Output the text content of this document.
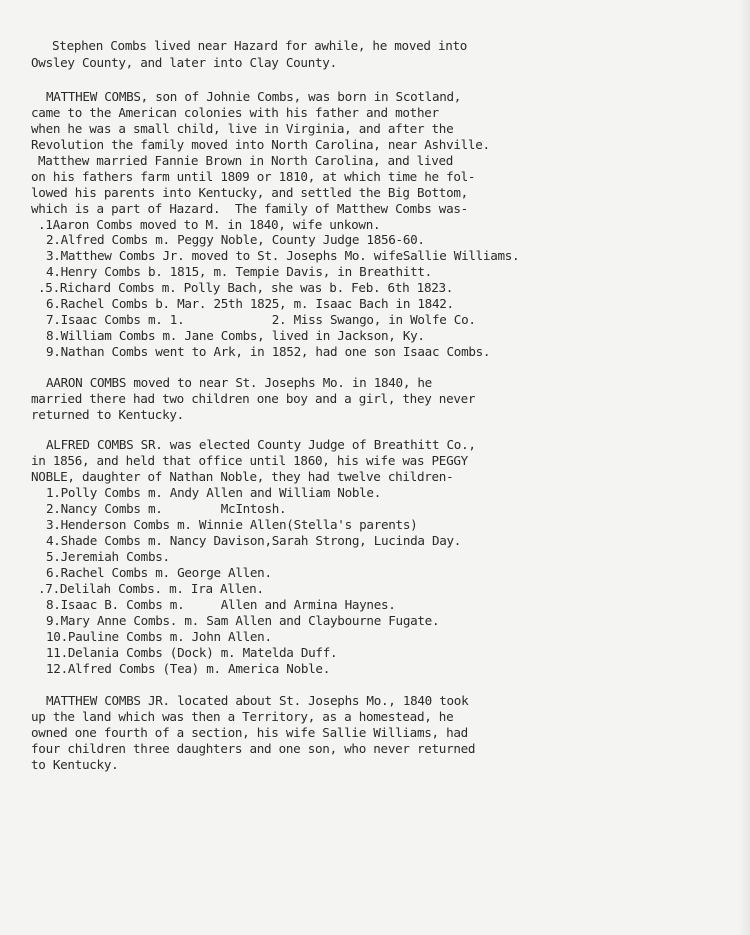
Stephen Combs lived near Hazard for awhile, he moved into
Owsley County, and later into Clay County.
MATTHEW COMBS, son of Johnie Combs, was born in Scotland,
came to the American colonies with his father and mother
when he was a small child, live in Virginia, and after the
Revolution the family moved into North Carolina, near Ashville.
Matthew married Fannie Brown in North Carolina, and lived
on his fathers farm until 1809 or 1810, at which time he fol-
lowed his parents into Kentucky, and settled the Big Bottom,
which is a part of Hazard.  The family of Matthew Combs was-
.1Aaron Combs moved to M. in 1840, wife unkown.
2.Alfred Combs m. Peggy Noble, County Judge 1856-60.
3.Matthew Combs Jr. moved to St. Josephs Mo. wifeSallie Williams.
4.Henry Combs b. 1815, m. Tempie Davis, in Breathitt.
.5.Richard Combs m. Polly Bach, she was b. Feb. 6th 1823.
6.Rachel Combs b. Mar. 25th 1825, m. Isaac Bach in 1842.
7.Isaac Combs m. 1.            2. Miss Swango, in Wolfe Co.
8.William Combs m. Jane Combs, lived in Jackson, Ky.
9.Nathan Combs went to Ark, in 1852, had one son Isaac Combs.
AARON COMBS moved to near St. Josephs Mo. in 1840, he
married there had two children one boy and a girl, they never
returned to Kentucky.
ALFRED COMBS SR. was elected County Judge of Breathitt Co.,
in 1856, and held that office until 1860, his wife was PEGGY
NOBLE, daughter of Nathan Noble, they had twelve children-
1.Polly Combs m. Andy Allen and William Noble.
2.Nancy Combs m.        McIntosh.
3.Henderson Combs m. Winnie Allen(Stella's parents)
4.Shade Combs m. Nancy Davison,Sarah Strong, Lucinda Day.
5.Jeremiah Combs.
6.Rachel Combs m. George Allen.
.7.Delilah Combs. m. Ira Allen.
8.Isaac B. Combs m.     Allen and Armina Haynes.
9.Mary Anne Combs. m. Sam Allen and Claybourne Fugate.
10.Pauline Combs m. John Allen.
11.Delania Combs (Dock) m. Matelda Duff.
12.Alfred Combs (Tea) m. America Noble.
MATTHEW COMBS JR. located about St. Josephs Mo., 1840 took
up the land which was then a Territory, as a homestead, he
owned one fourth of a section, his wife Sallie Williams, had
four children three daughters and one son, who never returned
to Kentucky.
